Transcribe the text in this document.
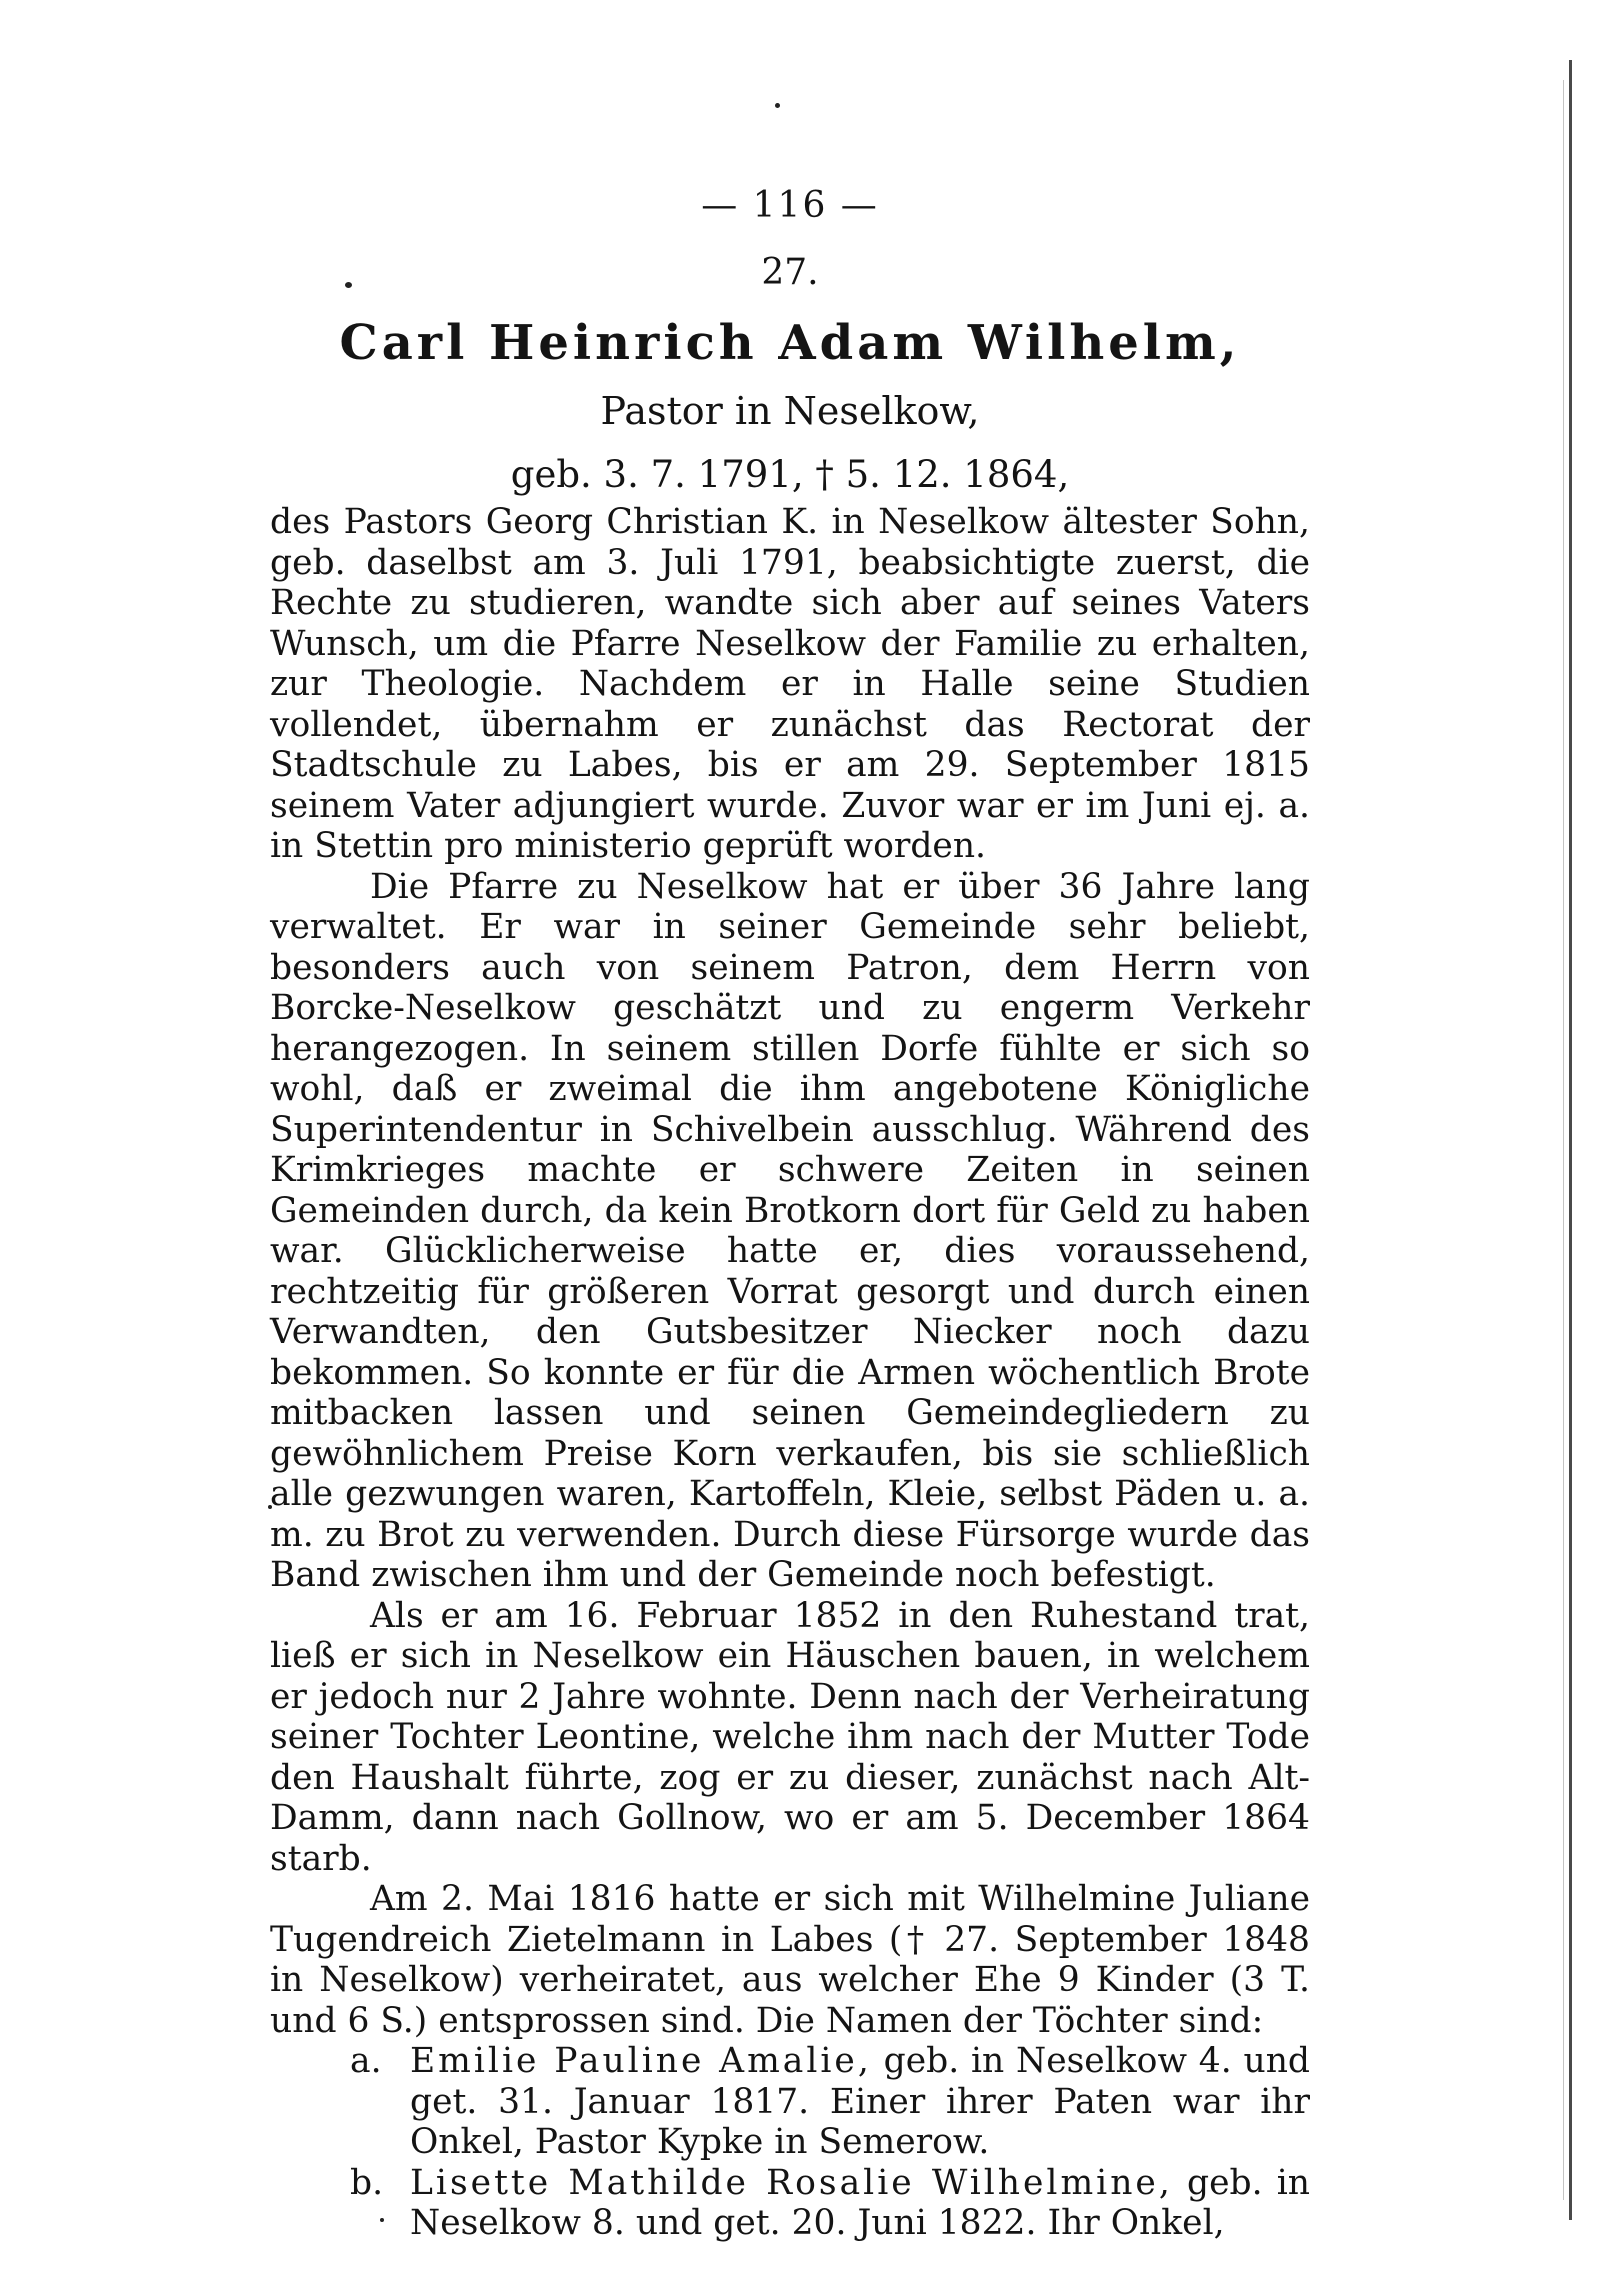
— 116 —
27.
Carl Heinrich Adam Wilhelm,
Pastor in Neselkow,
geb. 3. 7. 1791, † 5. 12. 1864,

des Pastors Georg Christian K. in Neselkow ältester Sohn, geb. daselbst am 3. Juli 1791, beabsichtigte zuerst, die Rechte zu studieren, wandte sich aber auf seines Vaters Wunsch, um die Pfarre Neselkow der Familie zu erhalten, zur Theologie. Nachdem er in Halle seine Studien vollendet, übernahm er zunächst das Rectorat der Stadtschule zu Labes, bis er am 29. September 1815 seinem Vater adjungiert wurde. Zuvor war er im Juni ej. a. in Stettin pro ministerio geprüft worden.

Die Pfarre zu Neselkow hat er über 36 Jahre lang verwaltet. Er war in seiner Gemeinde sehr beliebt, besonders auch von seinem Patron, dem Herrn von Borcke-Neselkow geschätzt und zu engerm Verkehr herangezogen. In seinem stillen Dorfe fühlte er sich so wohl, daß er zweimal die ihm angebotene Königliche Superintendentur in Schivelbein ausschlug. Während des Krimkrieges machte er schwere Zeiten in seinen Gemeinden durch, da kein Brotkorn dort für Geld zu haben war. Glücklicherweise hatte er, dies voraussehend, rechtzeitig für größeren Vorrat gesorgt und durch einen Verwandten, den Gutsbesitzer Niecker noch dazu bekommen. So konnte er für die Armen wöchentlich Brote mitbacken lassen und seinen Gemeindegliedern zu gewöhnlichem Preise Korn verkaufen, bis sie schließlich alle gezwungen waren, Kartoffeln, Kleie, selbst Päden u. a. m. zu Brot zu verwenden. Durch diese Fürsorge wurde das Band zwischen ihm und der Gemeinde noch befestigt.

Als er am 16. Februar 1852 in den Ruhestand trat, ließ er sich in Neselkow ein Häuschen bauen, in welchem er jedoch nur 2 Jahre wohnte. Denn nach der Verheiratung seiner Tochter Leontine, welche ihm nach der Mutter Tode den Haushalt führte, zog er zu dieser, zunächst nach Alt-Damm, dann nach Gollnow, wo er am 5. December 1864 starb.

Am 2. Mai 1816 hatte er sich mit Wilhelmine Juliane Tugendreich Zietelmann in Labes († 27. September 1848 in Neselkow) verheiratet, aus welcher Ehe 9 Kinder (3 T. und 6 S.) entsprossen sind. Die Namen der Töchter sind:

a. Emilie Pauline Amalie, geb. in Neselkow 4. und get. 31. Januar 1817. Einer ihrer Paten war ihr Onkel, Pastor Kypke in Semerow.
b. Lisette Mathilde Rosalie Wilhelmine, geb. in Neselkow 8. und get. 20. Juni 1822. Ihr Onkel,
